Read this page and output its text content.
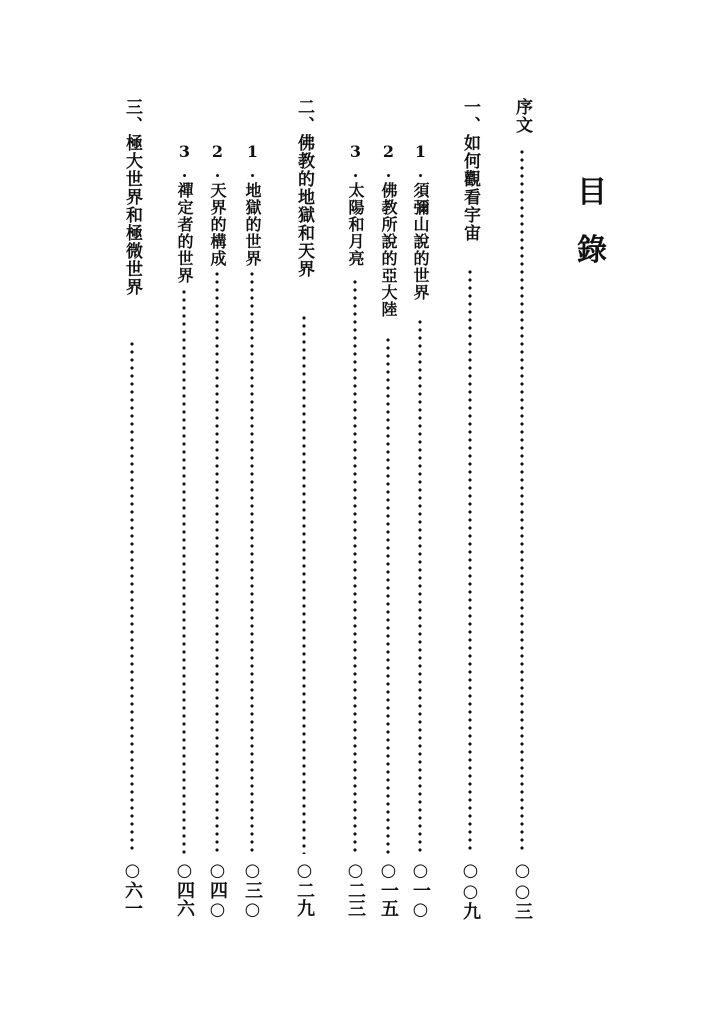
目
錄
序文
○○三
一、如何觀看宇宙
○○九
1.須彌山說的世界
○一○
2.佛教所說的亞大陸
○一五
3.太陽和月亮
○二三
二、佛教的地獄和天界
○二九
1.地獄的世界
○三○
2.天界的構成
○四○
3.禪定者的世界
○四六
三、極大世界和極微世界
○六一
